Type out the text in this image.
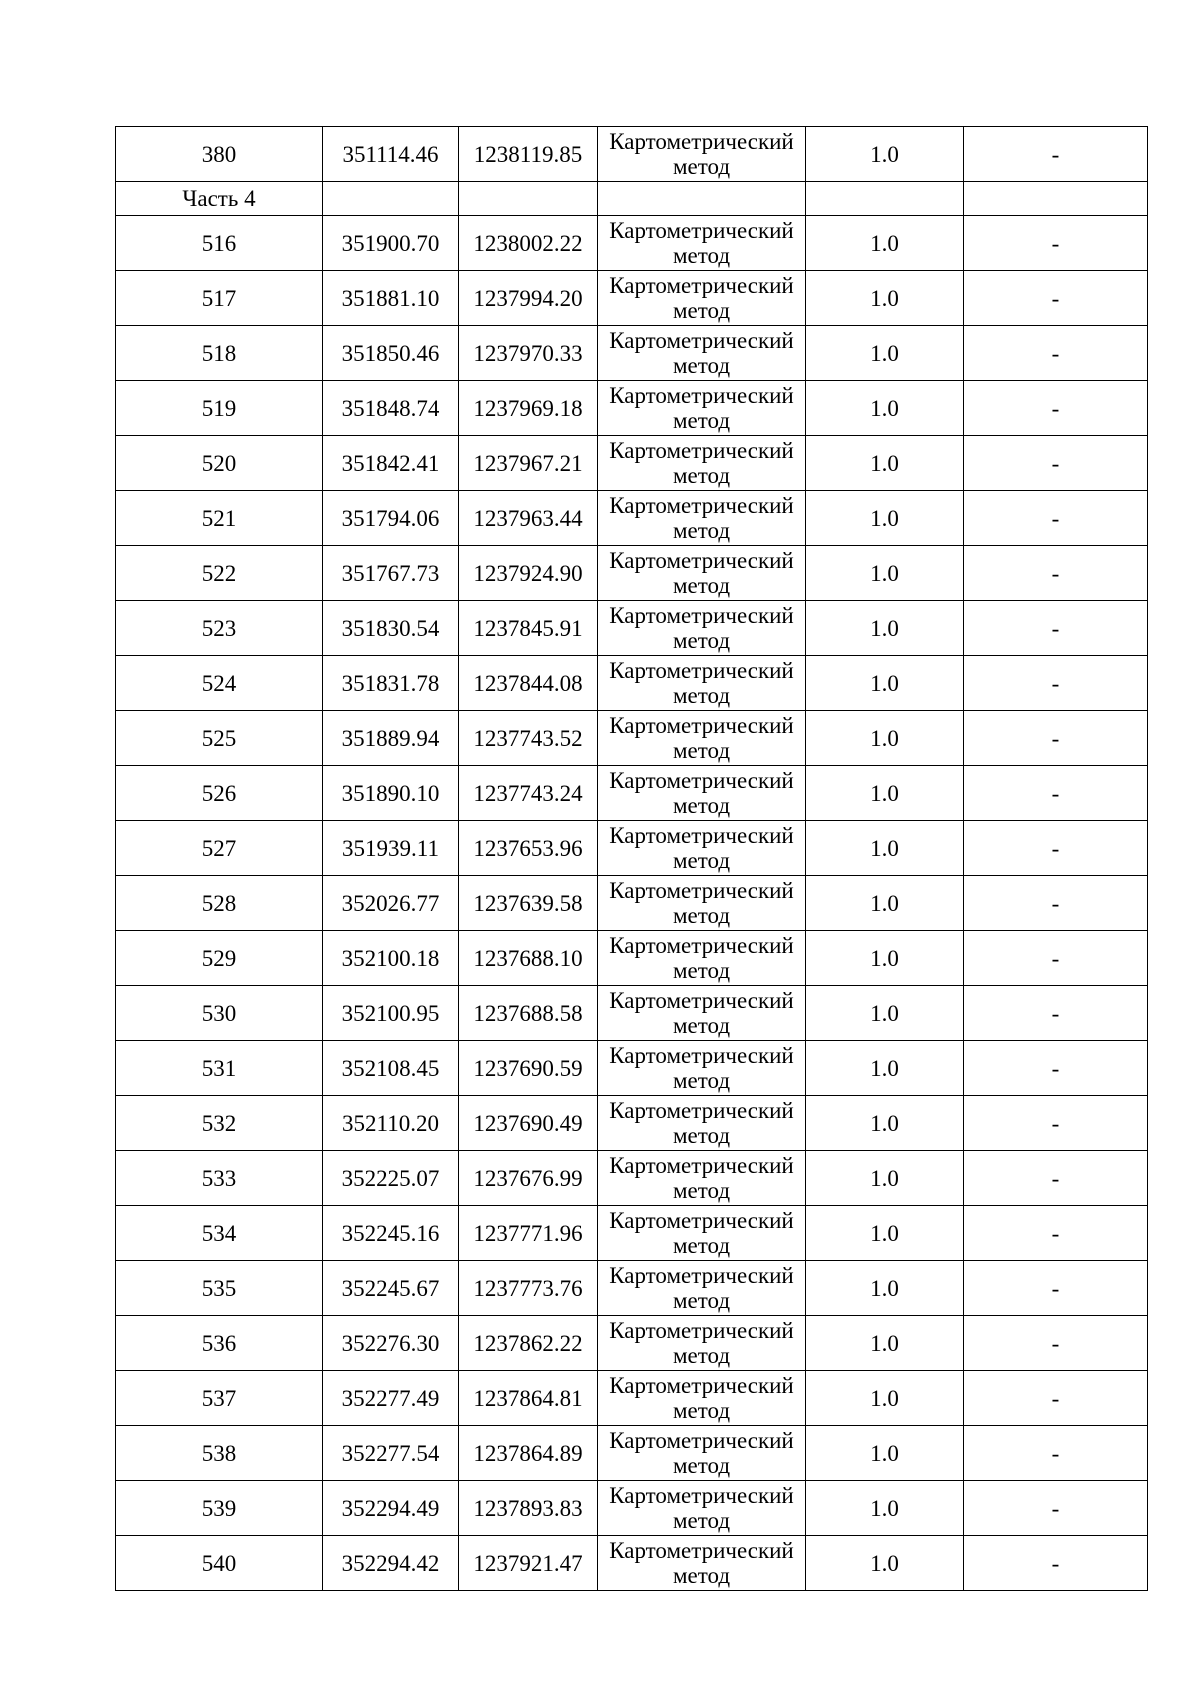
380	351114.46	1238119.85	Картометрический метод	1.0	-
Часть 4					
516	351900.70	1238002.22	Картометрический метод	1.0	-
517	351881.10	1237994.20	Картометрический метод	1.0	-
518	351850.46	1237970.33	Картометрический метод	1.0	-
519	351848.74	1237969.18	Картометрический метод	1.0	-
520	351842.41	1237967.21	Картометрический метод	1.0	-
521	351794.06	1237963.44	Картометрический метод	1.0	-
522	351767.73	1237924.90	Картометрический метод	1.0	-
523	351830.54	1237845.91	Картометрический метод	1.0	-
524	351831.78	1237844.08	Картометрический метод	1.0	-
525	351889.94	1237743.52	Картометрический метод	1.0	-
526	351890.10	1237743.24	Картометрический метод	1.0	-
527	351939.11	1237653.96	Картометрический метод	1.0	-
528	352026.77	1237639.58	Картометрический метод	1.0	-
529	352100.18	1237688.10	Картометрический метод	1.0	-
530	352100.95	1237688.58	Картометрический метод	1.0	-
531	352108.45	1237690.59	Картометрический метод	1.0	-
532	352110.20	1237690.49	Картометрический метод	1.0	-
533	352225.07	1237676.99	Картометрический метод	1.0	-
534	352245.16	1237771.96	Картометрический метод	1.0	-
535	352245.67	1237773.76	Картометрический метод	1.0	-
536	352276.30	1237862.22	Картометрический метод	1.0	-
537	352277.49	1237864.81	Картометрический метод	1.0	-
538	352277.54	1237864.89	Картометрический метод	1.0	-
539	352294.49	1237893.83	Картометрический метод	1.0	-
540	352294.42	1237921.47	Картометрический метод	1.0	-
